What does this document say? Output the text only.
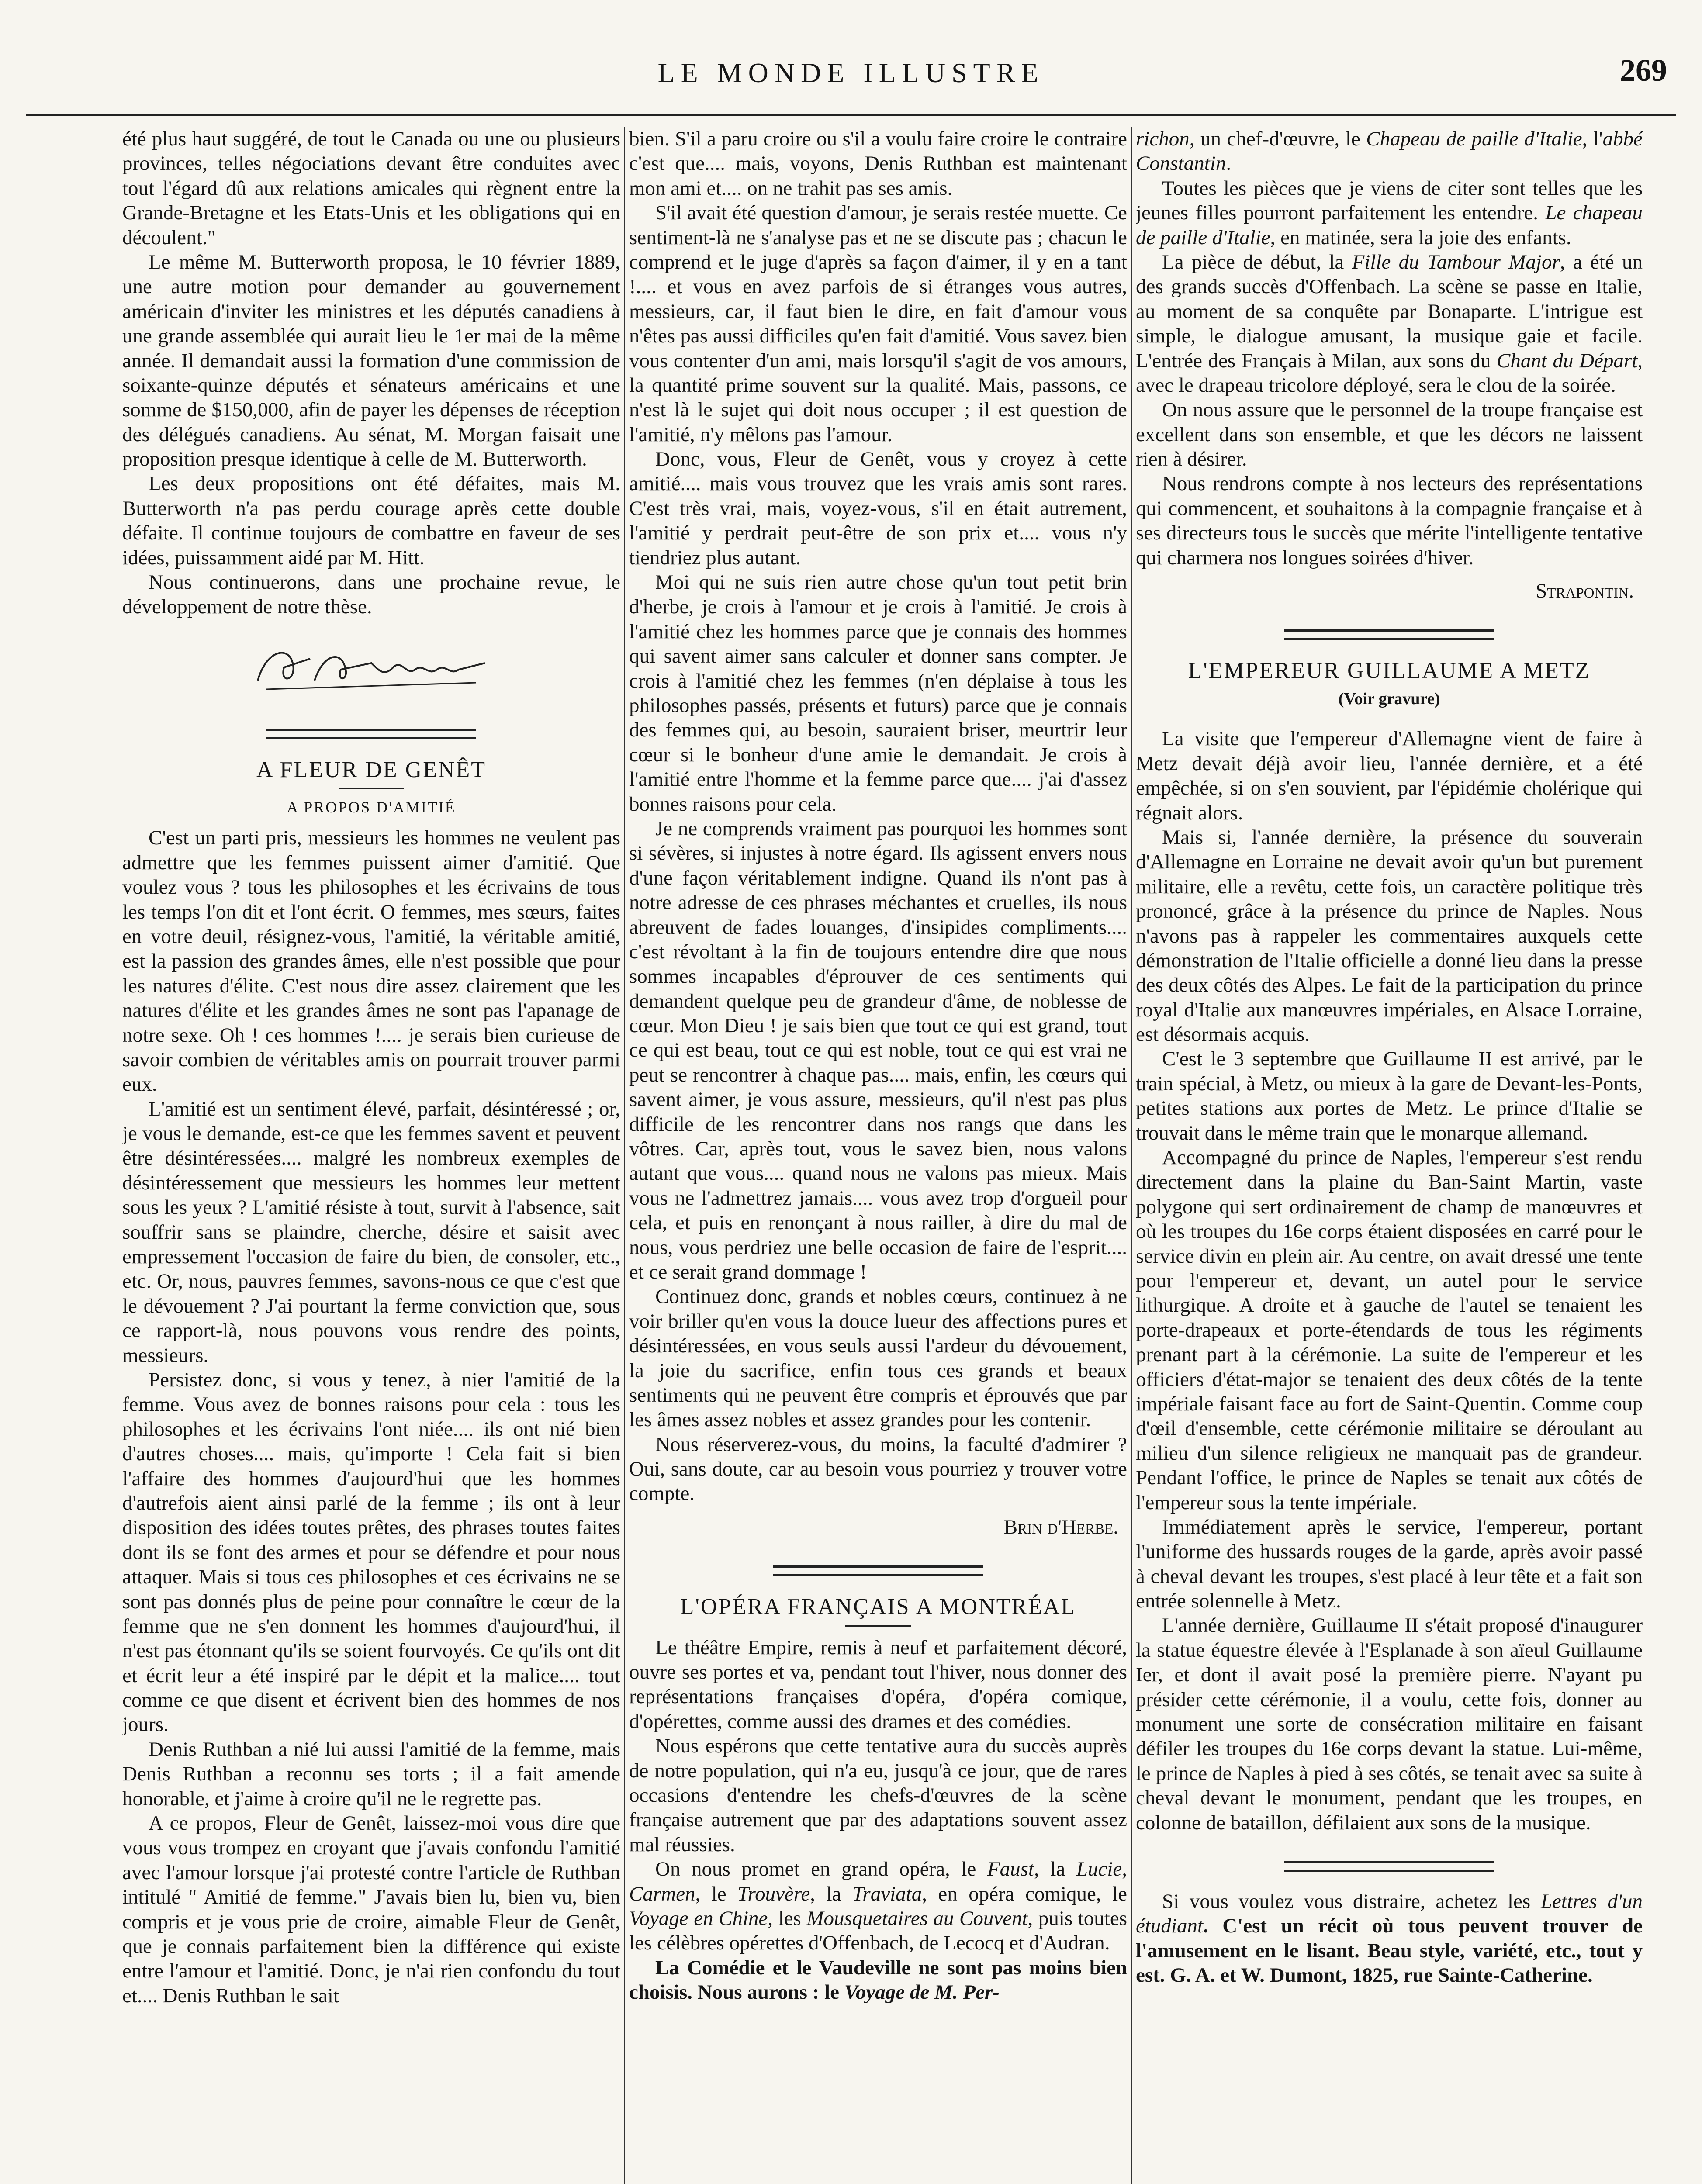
LE MONDE ILLUSTRE	269

été plus haut suggéré, de tout le Canada ou une ou plusieurs provinces, telles négociations devant être conduites avec tout l'égard dû aux relations amicales qui règnent entre la Grande-Bretagne et les Etats-Unis et les obligations qui en découlent."

Le même M. Butterworth proposa, le 10 février 1889, une autre motion pour demander au gouvernement américain d'inviter les ministres et les députés canadiens à une grande assemblée qui aurait lieu le 1er mai de la même année. Il demandait aussi la formation d'une commission de soixante-quinze députés et sénateurs américains et une somme de $150,000, afin de payer les dépenses de réception des délégués canadiens. Au sénat, M. Morgan faisait une proposition presque identique à celle de M. Butterworth.

Les deux propositions ont été défaites, mais M. Butterworth n'a pas perdu courage après cette double défaite. Il continue toujours de combattre en faveur de ses idées, puissamment aidé par M. Hitt.

Nous continuerons, dans une prochaine revue, le développement de notre thèse.

A FLEUR DE GENÊT
A PROPOS D'AMITIÉ

C'est un parti pris, messieurs les hommes ne veulent pas admettre que les femmes puissent aimer d'amitié. Que voulez vous ? tous les philosophes et les écrivains de tous les temps l'on dit et l'ont écrit. O femmes, mes sœurs, faites en votre deuil, résignez-vous, l'amitié, la véritable amitié, est la passion des grandes âmes, elle n'est possible que pour les natures d'élite. C'est nous dire assez clairement que les natures d'élite et les grandes âmes ne sont pas l'apanage de notre sexe. Oh ! ces hommes !.... je serais bien curieuse de savoir combien de véritables amis on pourrait trouver parmi eux.

L'amitié est un sentiment élevé, parfait, désintéressé ; or, je vous le demande, est-ce que les femmes savent et peuvent être désintéressées.... malgré les nombreux exemples de désintéressement que messieurs les hommes leur mettent sous les yeux ? L'amitié résiste à tout, survit à l'absence, sait souffrir sans se plaindre, cherche, désire et saisit avec empressement l'occasion de faire du bien, de consoler, etc., etc. Or, nous, pauvres femmes, savons-nous ce que c'est que le dévouement ? J'ai pourtant la ferme conviction que, sous ce rapport-là, nous pouvons vous rendre des points, messieurs.

Persistez donc, si vous y tenez, à nier l'amitié de la femme. Vous avez de bonnes raisons pour cela : tous les philosophes et les écrivains l'ont niée.... ils ont nié bien d'autres choses.... mais, qu'importe ! Cela fait si bien l'affaire des hommes d'aujourd'hui que les hommes d'autrefois aient ainsi parlé de la femme ; ils ont à leur disposition des idées toutes prêtes, des phrases toutes faites dont ils se font des armes et pour se défendre et pour nous attaquer. Mais si tous ces philosophes et ces écrivains ne se sont pas donnés plus de peine pour connaître le cœur de la femme que ne s'en donnent les hommes d'aujourd'hui, il n'est pas étonnant qu'ils se soient fourvoyés. Ce qu'ils ont dit et écrit leur a été inspiré par le dépit et la malice.... tout comme ce que disent et écrivent bien des hommes de nos jours.

Denis Ruthban a nié lui aussi l'amitié de la femme, mais Denis Ruthban a reconnu ses torts ; il a fait amende honorable, et j'aime à croire qu'il ne le regrette pas.

A ce propos, Fleur de Genêt, laissez-moi vous dire que vous vous trompez en croyant que j'avais confondu l'amitié avec l'amour lorsque j'ai protesté contre l'article de Ruthban intitulé " Amitié de femme." J'avais bien lu, bien vu, bien compris et je vous prie de croire, aimable Fleur de Genêt, que je connais parfaitement bien la différence qui existe entre l'amour et l'amitié. Donc, je n'ai rien confondu du tout et.... Denis Ruthban le sait

bien. S'il a paru croire ou s'il a voulu faire croire le contraire c'est que.... mais, voyons, Denis Ruthban est maintenant mon ami et.... on ne trahit pas ses amis.

S'il avait été question d'amour, je serais restée muette. Ce sentiment-là ne s'analyse pas et ne se discute pas ; chacun le comprend et le juge d'après sa façon d'aimer, il y en a tant !.... et vous en avez parfois de si étranges vous autres, messieurs, car, il faut bien le dire, en fait d'amour vous n'êtes pas aussi difficiles qu'en fait d'amitié. Vous savez bien vous contenter d'un ami, mais lorsqu'il s'agit de vos amours, la quantité prime souvent sur la qualité. Mais, passons, ce n'est là le sujet qui doit nous occuper ; il est question de l'amitié, n'y mêlons pas l'amour.

Donc, vous, Fleur de Genêt, vous y croyez à cette amitié.... mais vous trouvez que les vrais amis sont rares. C'est très vrai, mais, voyez-vous, s'il en était autrement, l'amitié y perdrait peut-être de son prix et.... vous n'y tiendriez plus autant.

Moi qui ne suis rien autre chose qu'un tout petit brin d'herbe, je crois à l'amour et je crois à l'amitié. Je crois à l'amitié chez les hommes parce que je connais des hommes qui savent aimer sans calculer et donner sans compter. Je crois à l'amitié chez les femmes (n'en déplaise à tous les philosophes passés, présents et futurs) parce que je connais des femmes qui, au besoin, sauraient briser, meurtrir leur cœur si le bonheur d'une amie le demandait. Je crois à l'amitié entre l'homme et la femme parce que.... j'ai d'assez bonnes raisons pour cela.

Je ne comprends vraiment pas pourquoi les hommes sont si sévères, si injustes à notre égard. Ils agissent envers nous d'une façon véritablement indigne. Quand ils n'ont pas à notre adresse de ces phrases méchantes et cruelles, ils nous abreuvent de fades louanges, d'insipides compliments.... c'est révoltant à la fin de toujours entendre dire que nous sommes incapables d'éprouver de ces sentiments qui demandent quelque peu de grandeur d'âme, de noblesse de cœur. Mon Dieu ! je sais bien que tout ce qui est grand, tout ce qui est beau, tout ce qui est noble, tout ce qui est vrai ne peut se rencontrer à chaque pas.... mais, enfin, les cœurs qui savent aimer, je vous assure, messieurs, qu'il n'est pas plus difficile de les rencontrer dans nos rangs que dans les vôtres. Car, après tout, vous le savez bien, nous valons autant que vous.... quand nous ne valons pas mieux. Mais vous ne l'admettrez jamais.... vous avez trop d'orgueil pour cela, et puis en renonçant à nous railler, à dire du mal de nous, vous perdriez une belle occasion de faire de l'esprit.... et ce serait grand dommage !

Continuez donc, grands et nobles cœurs, continuez à ne voir briller qu'en vous la douce lueur des affections pures et désintéressées, en vous seuls aussi l'ardeur du dévouement, la joie du sacrifice, enfin tous ces grands et beaux sentiments qui ne peuvent être compris et éprouvés que par les âmes assez nobles et assez grandes pour les contenir.

Nous réserverez-vous, du moins, la faculté d'admirer ? Oui, sans doute, car au besoin vous pourriez y trouver votre compte.

Brin d'Herbe.

L'OPÉRA FRANÇAIS A MONTRÉAL

Le théâtre Empire, remis à neuf et parfaitement décoré, ouvre ses portes et va, pendant tout l'hiver, nous donner des représentations françaises d'opéra, d'opéra comique, d'opérettes, comme aussi des drames et des comédies.

Nous espérons que cette tentative aura du succès auprès de notre population, qui n'a eu, jusqu'à ce jour, que de rares occasions d'entendre les chefs-d'œuvres de la scène française autrement que par des adaptations souvent assez mal réussies.

On nous promet en grand opéra, le Faust, la Lucie, Carmen, le Trouvère, la Traviata, en opéra comique, le Voyage en Chine, les Mousquetaires au Couvent, puis toutes les célèbres opérettes d'Offenbach, de Lecocq et d'Audran.

La Comédie et le Vaudeville ne sont pas moins bien choisis. Nous aurons : le Voyage de M. Per-

richon, un chef-d'œuvre, le Chapeau de paille d'Italie, l'abbé Constantin.

Toutes les pièces que je viens de citer sont telles que les jeunes filles pourront parfaitement les entendre. Le chapeau de paille d'Italie, en matinée, sera la joie des enfants.

La pièce de début, la Fille du Tambour Major, a été un des grands succès d'Offenbach. La scène se passe en Italie, au moment de sa conquête par Bonaparte. L'intrigue est simple, le dialogue amusant, la musique gaie et facile. L'entrée des Français à Milan, aux sons du Chant du Départ, avec le drapeau tricolore déployé, sera le clou de la soirée.

On nous assure que le personnel de la troupe française est excellent dans son ensemble, et que les décors ne laissent rien à désirer.

Nous rendrons compte à nos lecteurs des représentations qui commencent, et souhaitons à la compagnie française et à ses directeurs tous le succès que mérite l'intelligente tentative qui charmera nos longues soirées d'hiver.

Strapontin.

L'EMPEREUR GUILLAUME A METZ
(Voir gravure)

La visite que l'empereur d'Allemagne vient de faire à Metz devait déjà avoir lieu, l'année dernière, et a été empêchée, si on s'en souvient, par l'épidémie cholérique qui régnait alors.

Mais si, l'année dernière, la présence du souverain d'Allemagne en Lorraine ne devait avoir qu'un but purement militaire, elle a revêtu, cette fois, un caractère politique très prononcé, grâce à la présence du prince de Naples. Nous n'avons pas à rappeler les commentaires auxquels cette démonstration de l'Italie officielle a donné lieu dans la presse des deux côtés des Alpes. Le fait de la participation du prince royal d'Italie aux manœuvres impériales, en Alsace Lorraine, est désormais acquis.

C'est le 3 septembre que Guillaume II est arrivé, par le train spécial, à Metz, ou mieux à la gare de Devant-les-Ponts, petites stations aux portes de Metz. Le prince d'Italie se trouvait dans le même train que le monarque allemand.

Accompagné du prince de Naples, l'empereur s'est rendu directement dans la plaine du Ban-Saint Martin, vaste polygone qui sert ordinairement de champ de manœuvres et où les troupes du 16e corps étaient disposées en carré pour le service divin en plein air. Au centre, on avait dressé une tente pour l'empereur et, devant, un autel pour le service lithurgique. A droite et à gauche de l'autel se tenaient les porte-drapeaux et porte-étendards de tous les régiments prenant part à la cérémonie. La suite de l'empereur et les officiers d'état-major se tenaient des deux côtés de la tente impériale faisant face au fort de Saint-Quentin. Comme coup d'œil d'ensemble, cette cérémonie militaire se déroulant au milieu d'un silence religieux ne manquait pas de grandeur. Pendant l'office, le prince de Naples se tenait aux côtés de l'empereur sous la tente impériale.

Immédiatement après le service, l'empereur, portant l'uniforme des hussards rouges de la garde, après avoir passé à cheval devant les troupes, s'est placé à leur tête et a fait son entrée solennelle à Metz.

L'année dernière, Guillaume II s'était proposé d'inaugurer la statue équestre élevée à l'Esplanade à son aïeul Guillaume Ier, et dont il avait posé la première pierre. N'ayant pu présider cette cérémonie, il a voulu, cette fois, donner au monument une sorte de consécration militaire en faisant défiler les troupes du 16e corps devant la statue. Lui-même, le prince de Naples à pied à ses côtés, se tenait avec sa suite à cheval devant le monument, pendant que les troupes, en colonne de bataillon, défilaient aux sons de la musique.

Si vous voulez vous distraire, achetez les Lettres d'un étudiant. C'est un récit où tous peuvent trouver de l'amusement en le lisant. Beau style, variété, etc., tout y est. G. A. et W. Dumont, 1825, rue Sainte-Catherine.
